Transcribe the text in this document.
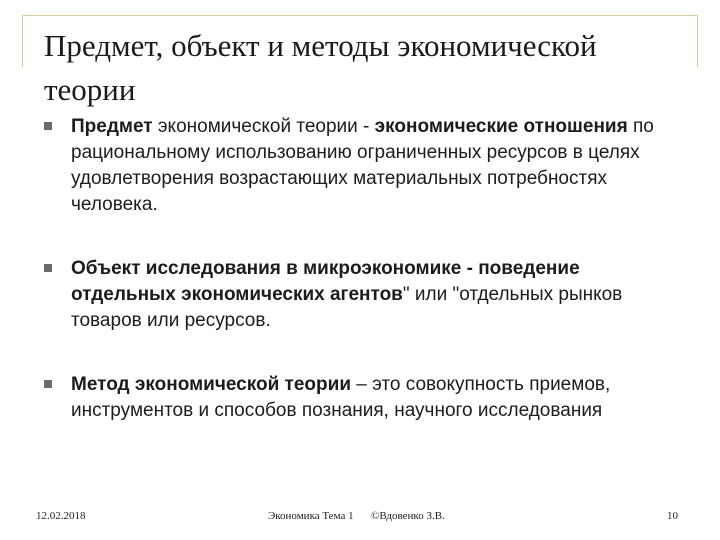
Предмет, объект и методы экономической теории
Предмет экономической теории - экономические отношения по рациональному использованию ограниченных ресурсов в целях удовлетворения возрастающих материальных потребностях человека.
Объект исследования в микроэкономике - поведение отдельных экономических агентов" или "отдельных рынков товаров или ресурсов.
Метод экономической теории – это совокупность приемов, инструментов и способов познания, научного исследования
12.02.2018	Экономика Тема 1 ©Вдовенко З.В.	10
